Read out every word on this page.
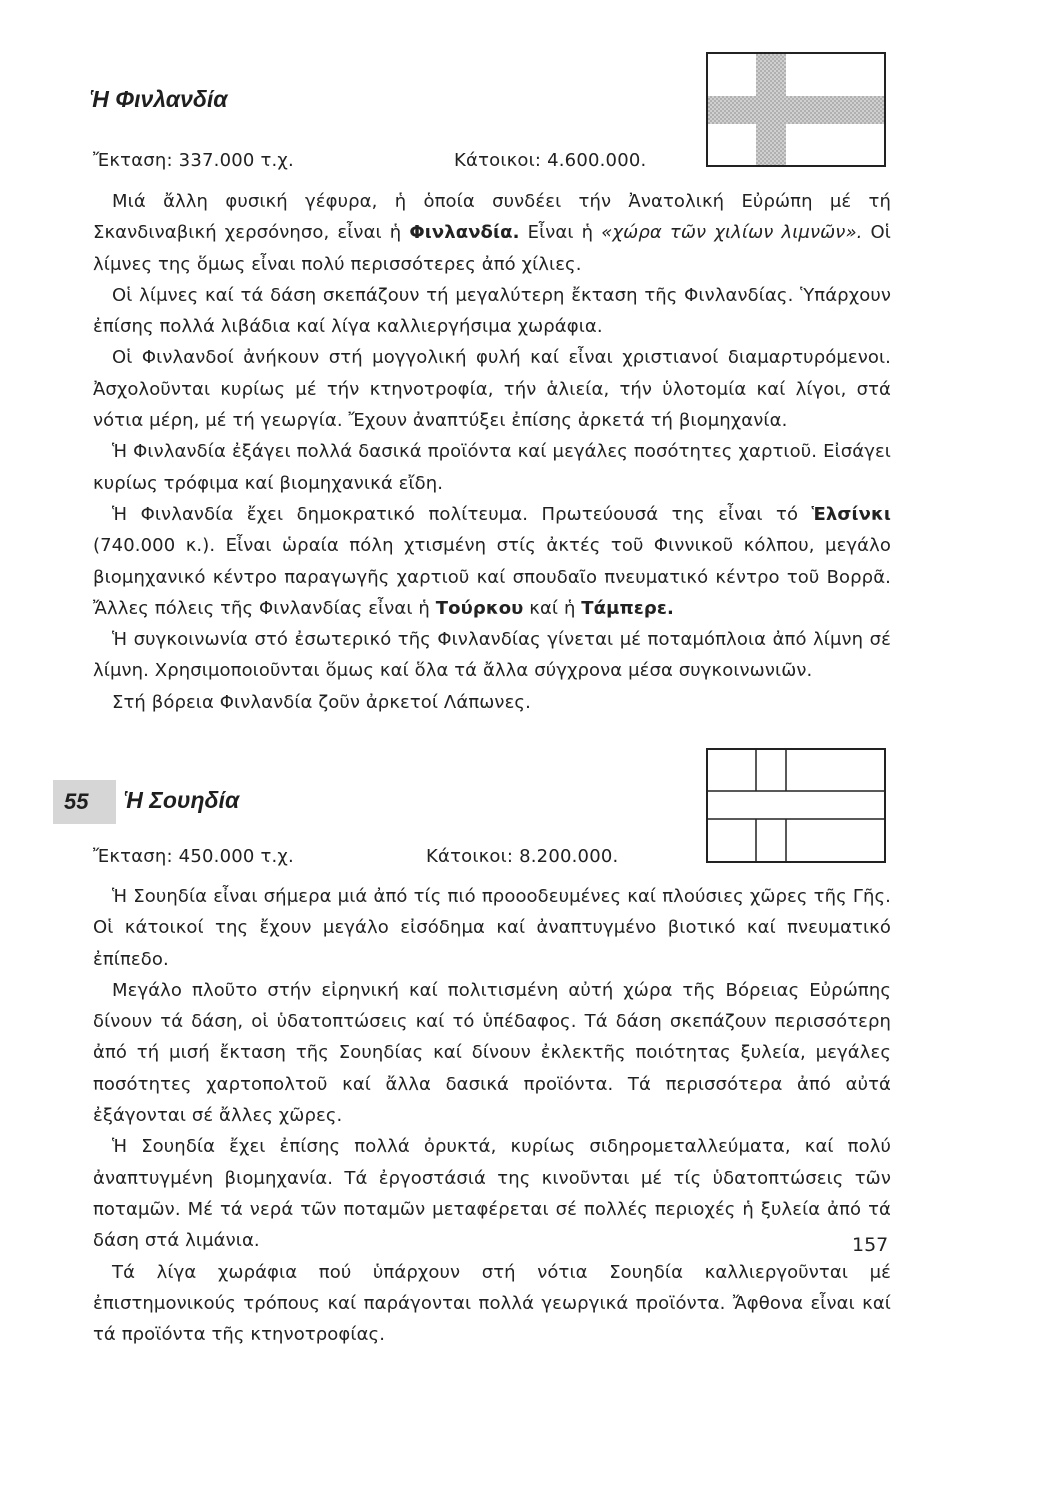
Ἡ Φινλανδία

Ἔκταση: 337.000 τ.χ.	Κάτοικοι: 4.600.000.

Μιά ἄλλη φυσική γέφυρα, ἡ ὁποία συνδέει τήν Ἀνατολική Εὐρώπη μέ τή Σκανδιναβική χερσόνησο, εἶναι ἡ Φινλανδία. Εἶναι ἡ «χώρα τῶν χιλίων λιμνῶν». Οἱ λίμνες της ὅμως εἶναι πολύ περισσότερες ἀπό χίλιες.

Οἱ λίμνες καί τά δάση σκεπάζουν τή μεγαλύτερη ἔκταση τῆς Φινλανδίας. Ὑπάρχουν ἐπίσης πολλά λιβάδια καί λίγα καλλιεργήσιμα χωράφια.

Οἱ Φινλανδοί ἀνήκουν στή μογγολική φυλή καί εἶναι χριστιανοί διαμαρτυρόμενοι. Ἀσχολοῦνται κυρίως μέ τήν κτηνοτροφία, τήν ἁλιεία, τήν ὑλοτομία καί λίγοι, στά νότια μέρη, μέ τή γεωργία. Ἔχουν ἀναπτύξει ἐπίσης ἀρκετά τή βιομηχανία.

Ἡ Φινλανδία ἐξάγει πολλά δασικά προϊόντα καί μεγάλες ποσότητες χαρτιοῦ. Εἰσάγει κυρίως τρόφιμα καί βιομηχανικά εἴδη.

Ἡ Φινλανδία ἔχει δημοκρατικό πολίτευμα. Πρωτεύουσά της εἶναι τό Ἑλσίνκι (740.000 κ.). Εἶναι ὡραία πόλη χτισμένη στίς ἀκτές τοῦ Φιννικοῦ κόλπου, μεγάλο βιομηχανικό κέντρο παραγωγῆς χαρτιοῦ καί σπουδαῖο πνευματικό κέντρο τοῦ Βορρᾶ. Ἄλλες πόλεις τῆς Φινλανδίας εἶναι ἡ Τούρκου καί ἡ Τάμπερε.

Ἡ συγκοινωνία στό ἐσωτερικό τῆς Φινλανδίας γίνεται μέ ποταμόπλοια ἀπό λίμνη σέ λίμνη. Χρησιμοποιοῦνται ὅμως καί ὅλα τά ἄλλα σύγχρονα μέσα συγκοινωνιῶν.

Στή βόρεια Φινλανδία ζοῦν ἀρκετοί Λάπωνες.

55	Ἡ Σουηδία

Ἔκταση: 450.000 τ.χ.	Κάτοικοι: 8.200.000.

Ἡ Σουηδία εἶναι σήμερα μιά ἀπό τίς πιό προοοδευμένες καί πλούσιες χῶρες τῆς Γῆς. Οἱ κάτοικοί της ἔχουν μεγάλο εἰσόδημα καί ἀναπτυγμένο βιοτικό καί πνευματικό ἐπίπεδο.

Μεγάλο πλοῦτο στήν εἰρηνική καί πολιτισμένη αὐτή χώρα τῆς Βόρειας Εὐρώπης δίνουν τά δάση, οἱ ὑδατοπτώσεις καί τό ὑπέδαφος. Τά δάση σκεπάζουν περισσότερη ἀπό τή μισή ἔκταση τῆς Σουηδίας καί δίνουν ἐκλεκτῆς ποιότητας ξυλεία, μεγάλες ποσότητες χαρτοπολτοῦ καί ἄλλα δασικά προϊόντα. Τά περισσότερα ἀπό αὐτά ἐξάγονται σέ ἄλλες χῶρες.

Ἡ Σουηδία ἔχει ἐπίσης πολλά ὀρυκτά, κυρίως σιδηρομεταλλεύματα, καί πολύ ἀναπτυγμένη βιομηχανία. Τά ἐργοστάσιά της κινοῦνται μέ τίς ὑδατοπτώσεις τῶν ποταμῶν. Μέ τά νερά τῶν ποταμῶν μεταφέρεται σέ πολλές περιοχές ἡ ξυλεία ἀπό τά δάση στά λιμάνια.

Τά λίγα χωράφια πού ὑπάρχουν στή νότια Σουηδία καλλιεργοῦνται μέ ἐπιστημονικούς τρόπους καί παράγονται πολλά γεωργικά προϊόντα. Ἄφθονα εἶναι καί τά προϊόντα τῆς κτηνοτροφίας.

157
